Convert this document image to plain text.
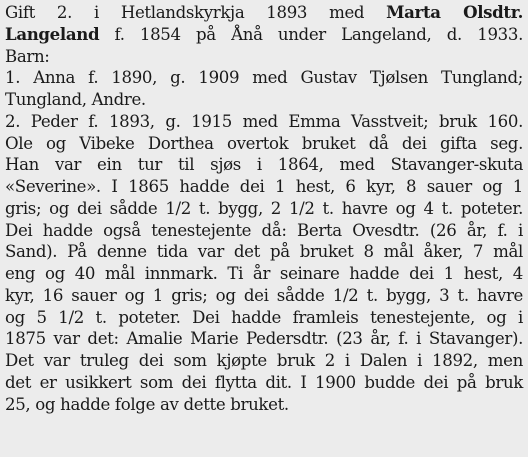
Gift 2. i Hetlandskyrkja 1893 med Marta Olsdtr.
Langeland f. 1854 på Ånå under Langeland, d. 1933.
Barn:
1. Anna f. 1890, g. 1909 med Gustav Tjølsen Tungland;
Tungland, Andre.
2. Peder f. 1893, g. 1915 med Emma Vasstveit; bruk 160.
Ole og Vibeke Dorthea overtok bruket då dei gifta seg.
Han var ein tur til sjøs i 1864, med Stavanger-skuta
«Severine». I 1865 hadde dei 1 hest, 6 kyr, 8 sauer og 1
gris; og dei sådde 1/2 t. bygg, 2 1/2 t. havre og 4 t. poteter.
Dei hadde også tenestejente då: Berta Ovesdtr. (26 år, f. i
Sand). På denne tida var det på bruket 8 mål åker, 7 mål
eng og 40 mål innmark. Ti år seinare hadde dei 1 hest, 4
kyr, 16 sauer og 1 gris; og dei sådde 1/2 t. bygg, 3 t. havre
og 5 1/2 t. poteter. Dei hadde framleis tenestejente, og i
1875 var det: Amalie Marie Pedersdtr. (23 år, f. i Stavanger).
Det var truleg dei som kjøpte bruk 2 i Dalen i 1892, men
det er usikkert som dei flytta dit. I 1900 budde dei på bruk
25, og hadde folge av dette bruket.
